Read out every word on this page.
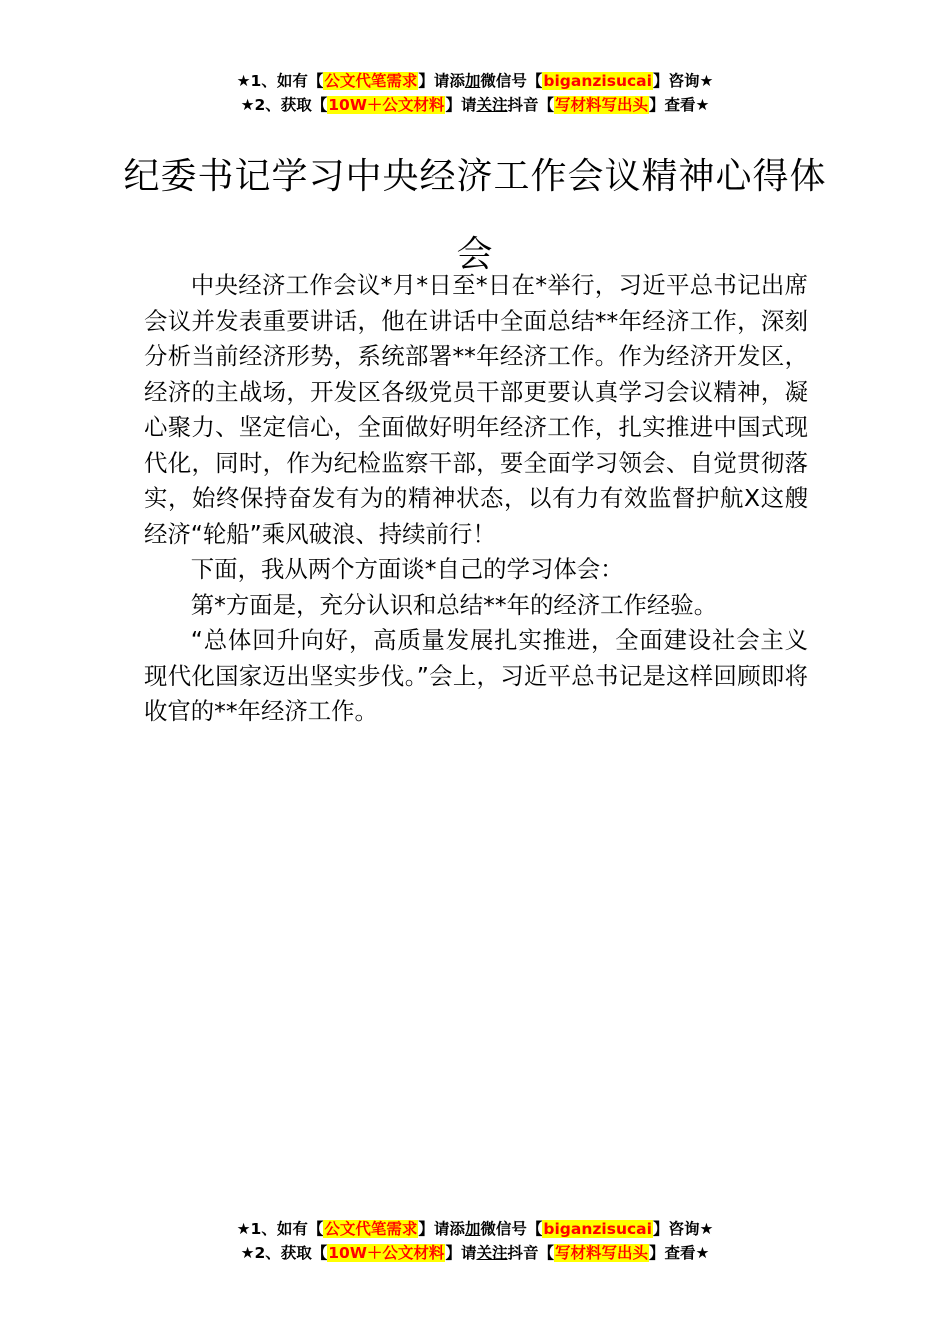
★1、如有【公文代笔需求】请添加微信号【biganzisucai】咨询★
★2、获取【10W＋公文材料】请关注抖音【写材料写出头】查看★
纪委书记学习中央经济工作会议精神心得体会

中央经济工作会议*月*日至*日在*举行，习近平总书记出席会议并发表重要讲话，他在讲话中全面总结**年经济工作，深刻分析当前经济形势，系统部署**年经济工作。作为经济开发区，经济的主战场，开发区各级党员干部更要认真学习会议精神，凝心聚力、坚定信心，全面做好明年经济工作，扎实推进中国式现代化，同时，作为纪检监察干部，要全面学习领会、自觉贯彻落实，始终保持奋发有为的精神状态，以有力有效监督护航X这艘经济“轮船”乘风破浪、持续前行！

下面，我从两个方面谈*自己的学习体会：

第*方面是，充分认识和总结**年的经济工作经验。

“总体回升向好，高质量发展扎实推进，全面建设社会主义现代化国家迈出坚实步伐。”会上，习近平总书记是这样回顾即将收官的**年经济工作。

★1、如有【公文代笔需求】请添加微信号【biganzisucai】咨询★
★2、获取【10W＋公文材料】请关注抖音【写材料写出头】查看★
